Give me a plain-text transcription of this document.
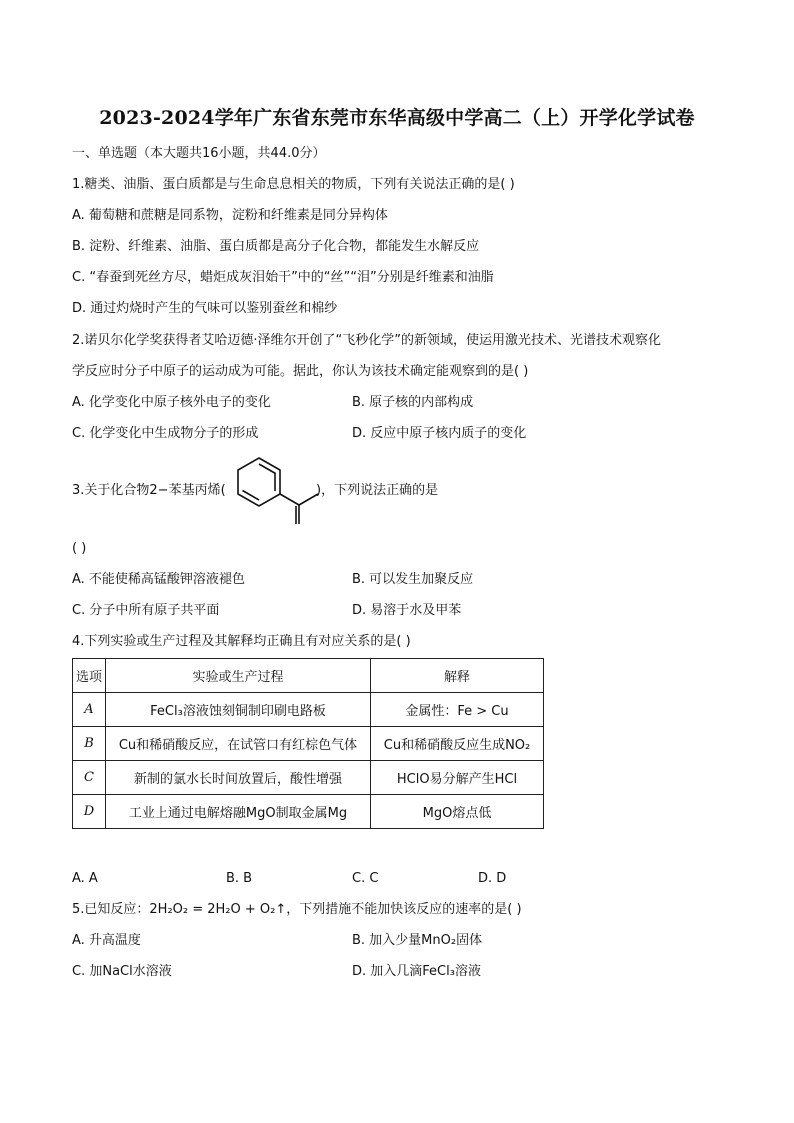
2023-2024学年广东省东莞市东华高级中学高二（上）开学化学试卷
一、单选题（本大题共16小题，共44.0分）
1.糖类、油脂、蛋白质都是与生命息息相关的物质，下列有关说法正确的是( )
A. 葡萄糖和蔗糖是同系物，淀粉和纤维素是同分异构体
B. 淀粉、纤维素、油脂、蛋白质都是高分子化合物，都能发生水解反应
C. “春蚕到死丝方尽，蜡炬成灰泪始干”中的“丝”“泪”分别是纤维素和油脂
D. 通过灼烧时产生的气味可以鉴别蚕丝和棉纱
2.诺贝尔化学奖获得者艾哈迈德·泽维尔开创了“飞秒化学”的新领域，使运用激光技术、光谱技术观察化
学反应时分子中原子的运动成为可能。据此，你认为该技术确定能观察到的是( )
A. 化学变化中原子核外电子的变化	B. 原子核的内部构成
C. 化学变化中生成物分子的形成	D. 反应中原子核内质子的变化
3.关于化合物2−苯基丙烯(	)，下列说法正确的是
( )
A. 不能使稀高锰酸钾溶液褪色	B. 可以发生加聚反应
C. 分子中所有原子共平面	D. 易溶于水及甲苯
4.下列实验或生产过程及其解释均正确且有对应关系的是( )
选项	实验或生产过程	解释
A	FeCl₃溶液蚀刻铜制印刷电路板	金属性：Fe > Cu
B	Cu和稀硝酸反应，在试管口有红棕色气体	Cu和稀硝酸反应生成NO₂
C	新制的氯水长时间放置后，酸性增强	HClO易分解产生HCl
D	工业上通过电解熔融MgO制取金属Mg	MgO熔点低
A. A	B. B	C. C	D. D
5.已知反应：2H₂O₂ = 2H₂O + O₂↑，下列措施不能加快该反应的速率的是( )
A. 升高温度	B. 加入少量MnO₂固体
C. 加NaCl水溶液	D. 加入几滴FeCl₃溶液
